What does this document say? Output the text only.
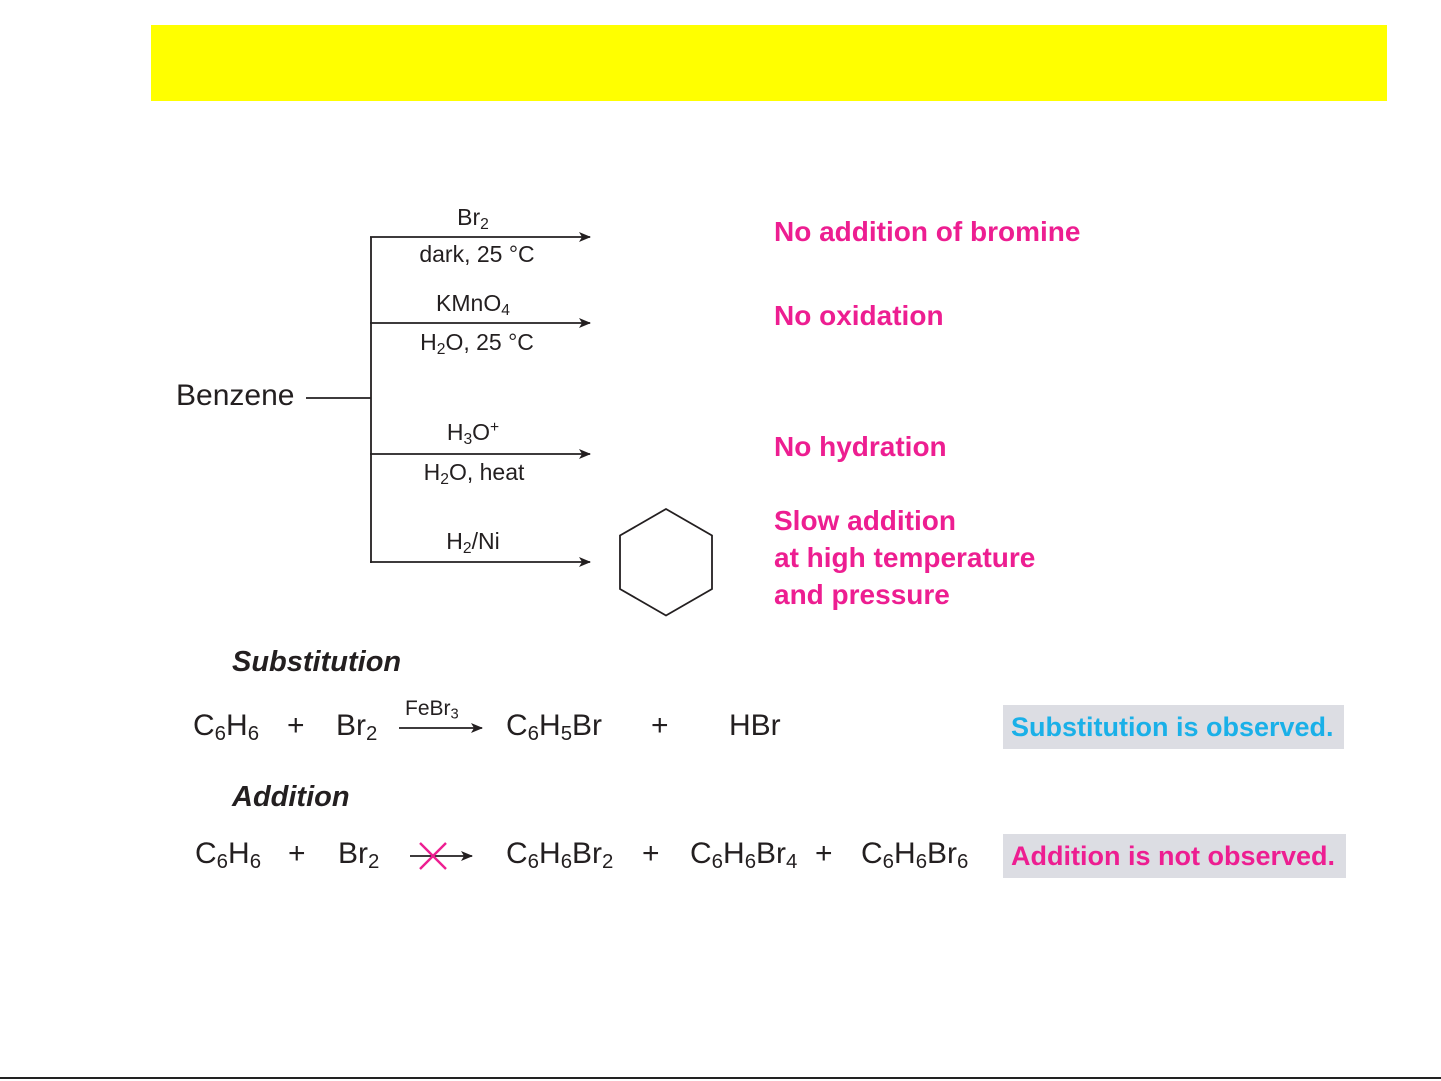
Benzene
$Br_2$
dark, 25 °C
No addition of bromine
KMnO$_4$
$H_2O$, 25 °C
No oxidation
$H_3O^+$
$H_2O$, heat
No hydration
$H_2/Ni$
Slow addition
at high temperature
and pressure
Substitution
$C_6H_6 + Br_2$
FeBr$_3$ $C_6H_5Br$ + HBr	Substitution is observed.
Addition
$C_6H_6 + Br_2$	$C_6H_6Br_2 + C_6H_6Br_4 + C_6H_6Br_6$ Addition is not observed.
